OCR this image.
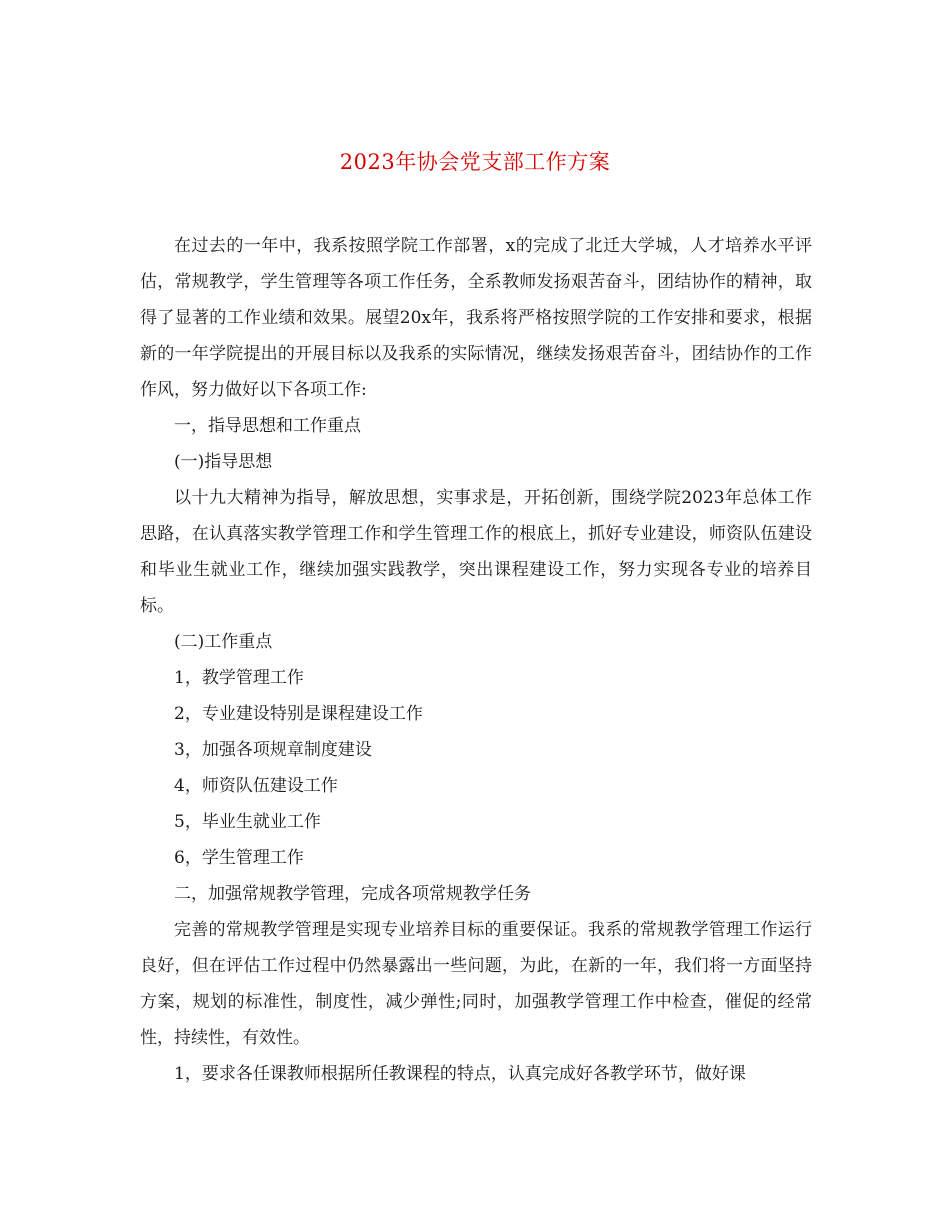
2023年协会党支部工作方案

在过去的一年中，我系按照学院工作部署，x的完成了北迁大学城，人才培养水平评估，常规教学，学生管理等各项工作任务，全系教师发扬艰苦奋斗，团结协作的精神，取得了显著的工作业绩和效果。展望20x年，我系将严格按照学院的工作安排和要求，根据新的一年学院提出的开展目标以及我系的实际情况，继续发扬艰苦奋斗，团结协作的工作作风，努力做好以下各项工作:

一，指导思想和工作重点

(一)指导思想

以十九大精神为指导，解放思想，实事求是，开拓创新，围绕学院2023年总体工作思路，在认真落实教学管理工作和学生管理工作的根底上，抓好专业建设，师资队伍建设和毕业生就业工作，继续加强实践教学，突出课程建设工作，努力实现各专业的培养目标。

(二)工作重点

1，教学管理工作

2，专业建设特别是课程建设工作

3，加强各项规章制度建设

4，师资队伍建设工作

5，毕业生就业工作

6，学生管理工作

二，加强常规教学管理，完成各项常规教学任务

完善的常规教学管理是实现专业培养目标的重要保证。我系的常规教学管理工作运行良好，但在评估工作过程中仍然暴露出一些问题，为此，在新的一年，我们将一方面坚持方案，规划的标准性，制度性，减少弹性;同时，加强教学管理工作中检查，催促的经常性，持续性，有效性。

1，要求各任课教师根据所任教课程的特点，认真完成好各教学环节，做好课
